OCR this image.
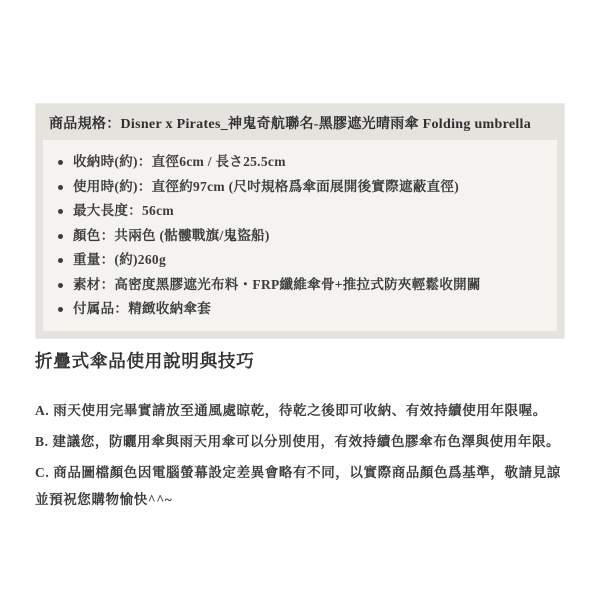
商品規格：Disner x Pirates_神鬼奇航聯名-黑膠遮光晴雨傘 Folding umbrella
收納時(約)：直徑6cm / 長さ25.5cm
使用時(約)：直徑約97cm (尺吋規格爲傘面展開後實際遮蔽直徑)
最大長度：56cm
顏色：共兩色 (骷髏戰旗/鬼盜船)
重量：(約)260g
素材：高密度黑膠遮光布料・FRP纖維傘骨+推拉式防夾輕鬆收開關
付属品：精緻收納傘套
折疊式傘品使用說明與技巧

A. 雨天使用完畢實請放至通風處晾乾，待乾之後即可收納、有效持續使用年限喔。

B. 建議您，防曬用傘與雨天用傘可以分別使用，有效持續色膠傘布色澤與使用年限。

C. 商品圖檔顏色因電腦螢幕設定差異會略有不同，以實際商品顏色爲基準，敬請見諒並預祝您購物愉快^^~
